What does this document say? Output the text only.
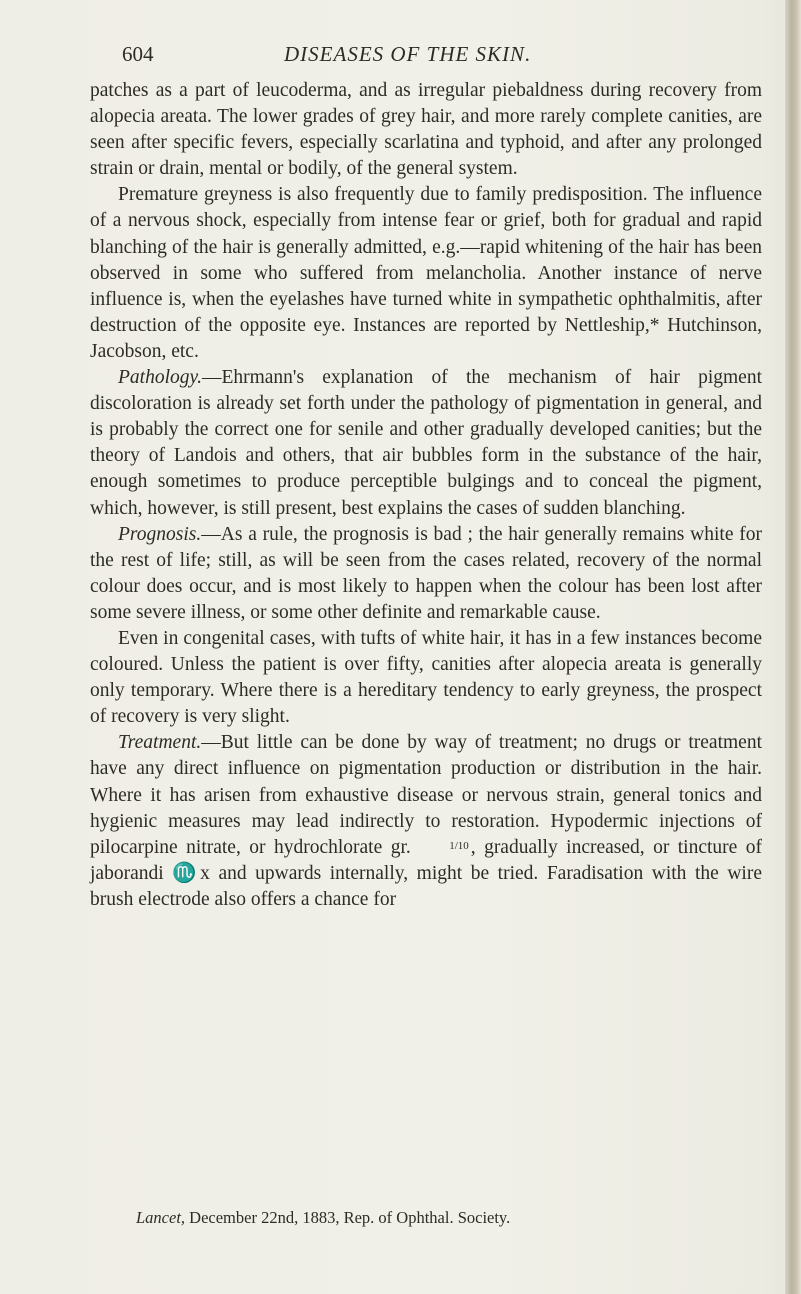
604	DISEASES OF THE SKIN.

patches as a part of leucoderma, and as irregular piebaldness during recovery from alopecia areata. The lower grades of grey hair, and more rarely complete canities, are seen after specific fevers, especially scarlatina and typhoid, and after any prolonged strain or drain, mental or bodily, of the general system.

Premature greyness is also frequently due to family predisposition. The influence of a nervous shock, especially from intense fear or grief, both for gradual and rapid blanching of the hair is generally admitted, e.g.—rapid whitening of the hair has been observed in some who suffered from melancholia. Another instance of nerve influence is, when the eyelashes have turned white in sympathetic ophthalmitis, after destruction of the opposite eye. Instances are reported by Nettleship,* Hutchinson, Jacobson, etc.

Pathology.—Ehrmann's explanation of the mechanism of hair pigment discoloration is already set forth under the pathology of pigmentation in general, and is probably the correct one for senile and other gradually developed canities; but the theory of Landois and others, that air bubbles form in the substance of the hair, enough sometimes to produce perceptible bulgings and to conceal the pigment, which, however, is still present, best explains the cases of sudden blanching.

Prognosis.—As a rule, the prognosis is bad ; the hair generally remains white for the rest of life; still, as will be seen from the cases related, recovery of the normal colour does occur, and is most likely to happen when the colour has been lost after some severe illness, or some other definite and remarkable cause.

Even in congenital cases, with tufts of white hair, it has in a few instances become coloured. Unless the patient is over fifty, canities after alopecia areata is generally only temporary. Where there is a hereditary tendency to early greyness, the prospect of recovery is very slight.

Treatment.—But little can be done by way of treatment; no drugs or treatment have any direct influence on pigmentation production or distribution in the hair. Where it has arisen from exhaustive disease or nervous strain, general tonics and hygienic measures may lead indirectly to restoration. Hypodermic injections of pilocarpine nitrate, or hydrochlorate gr.	1/10 , gradually increased, or tincture of jaborandi ♏x and upwards internally, might be tried. Faradisation with the wire brush electrode also offers a chance for

Lancet, December 22nd, 1883, Rep. of Ophthal. Society.
